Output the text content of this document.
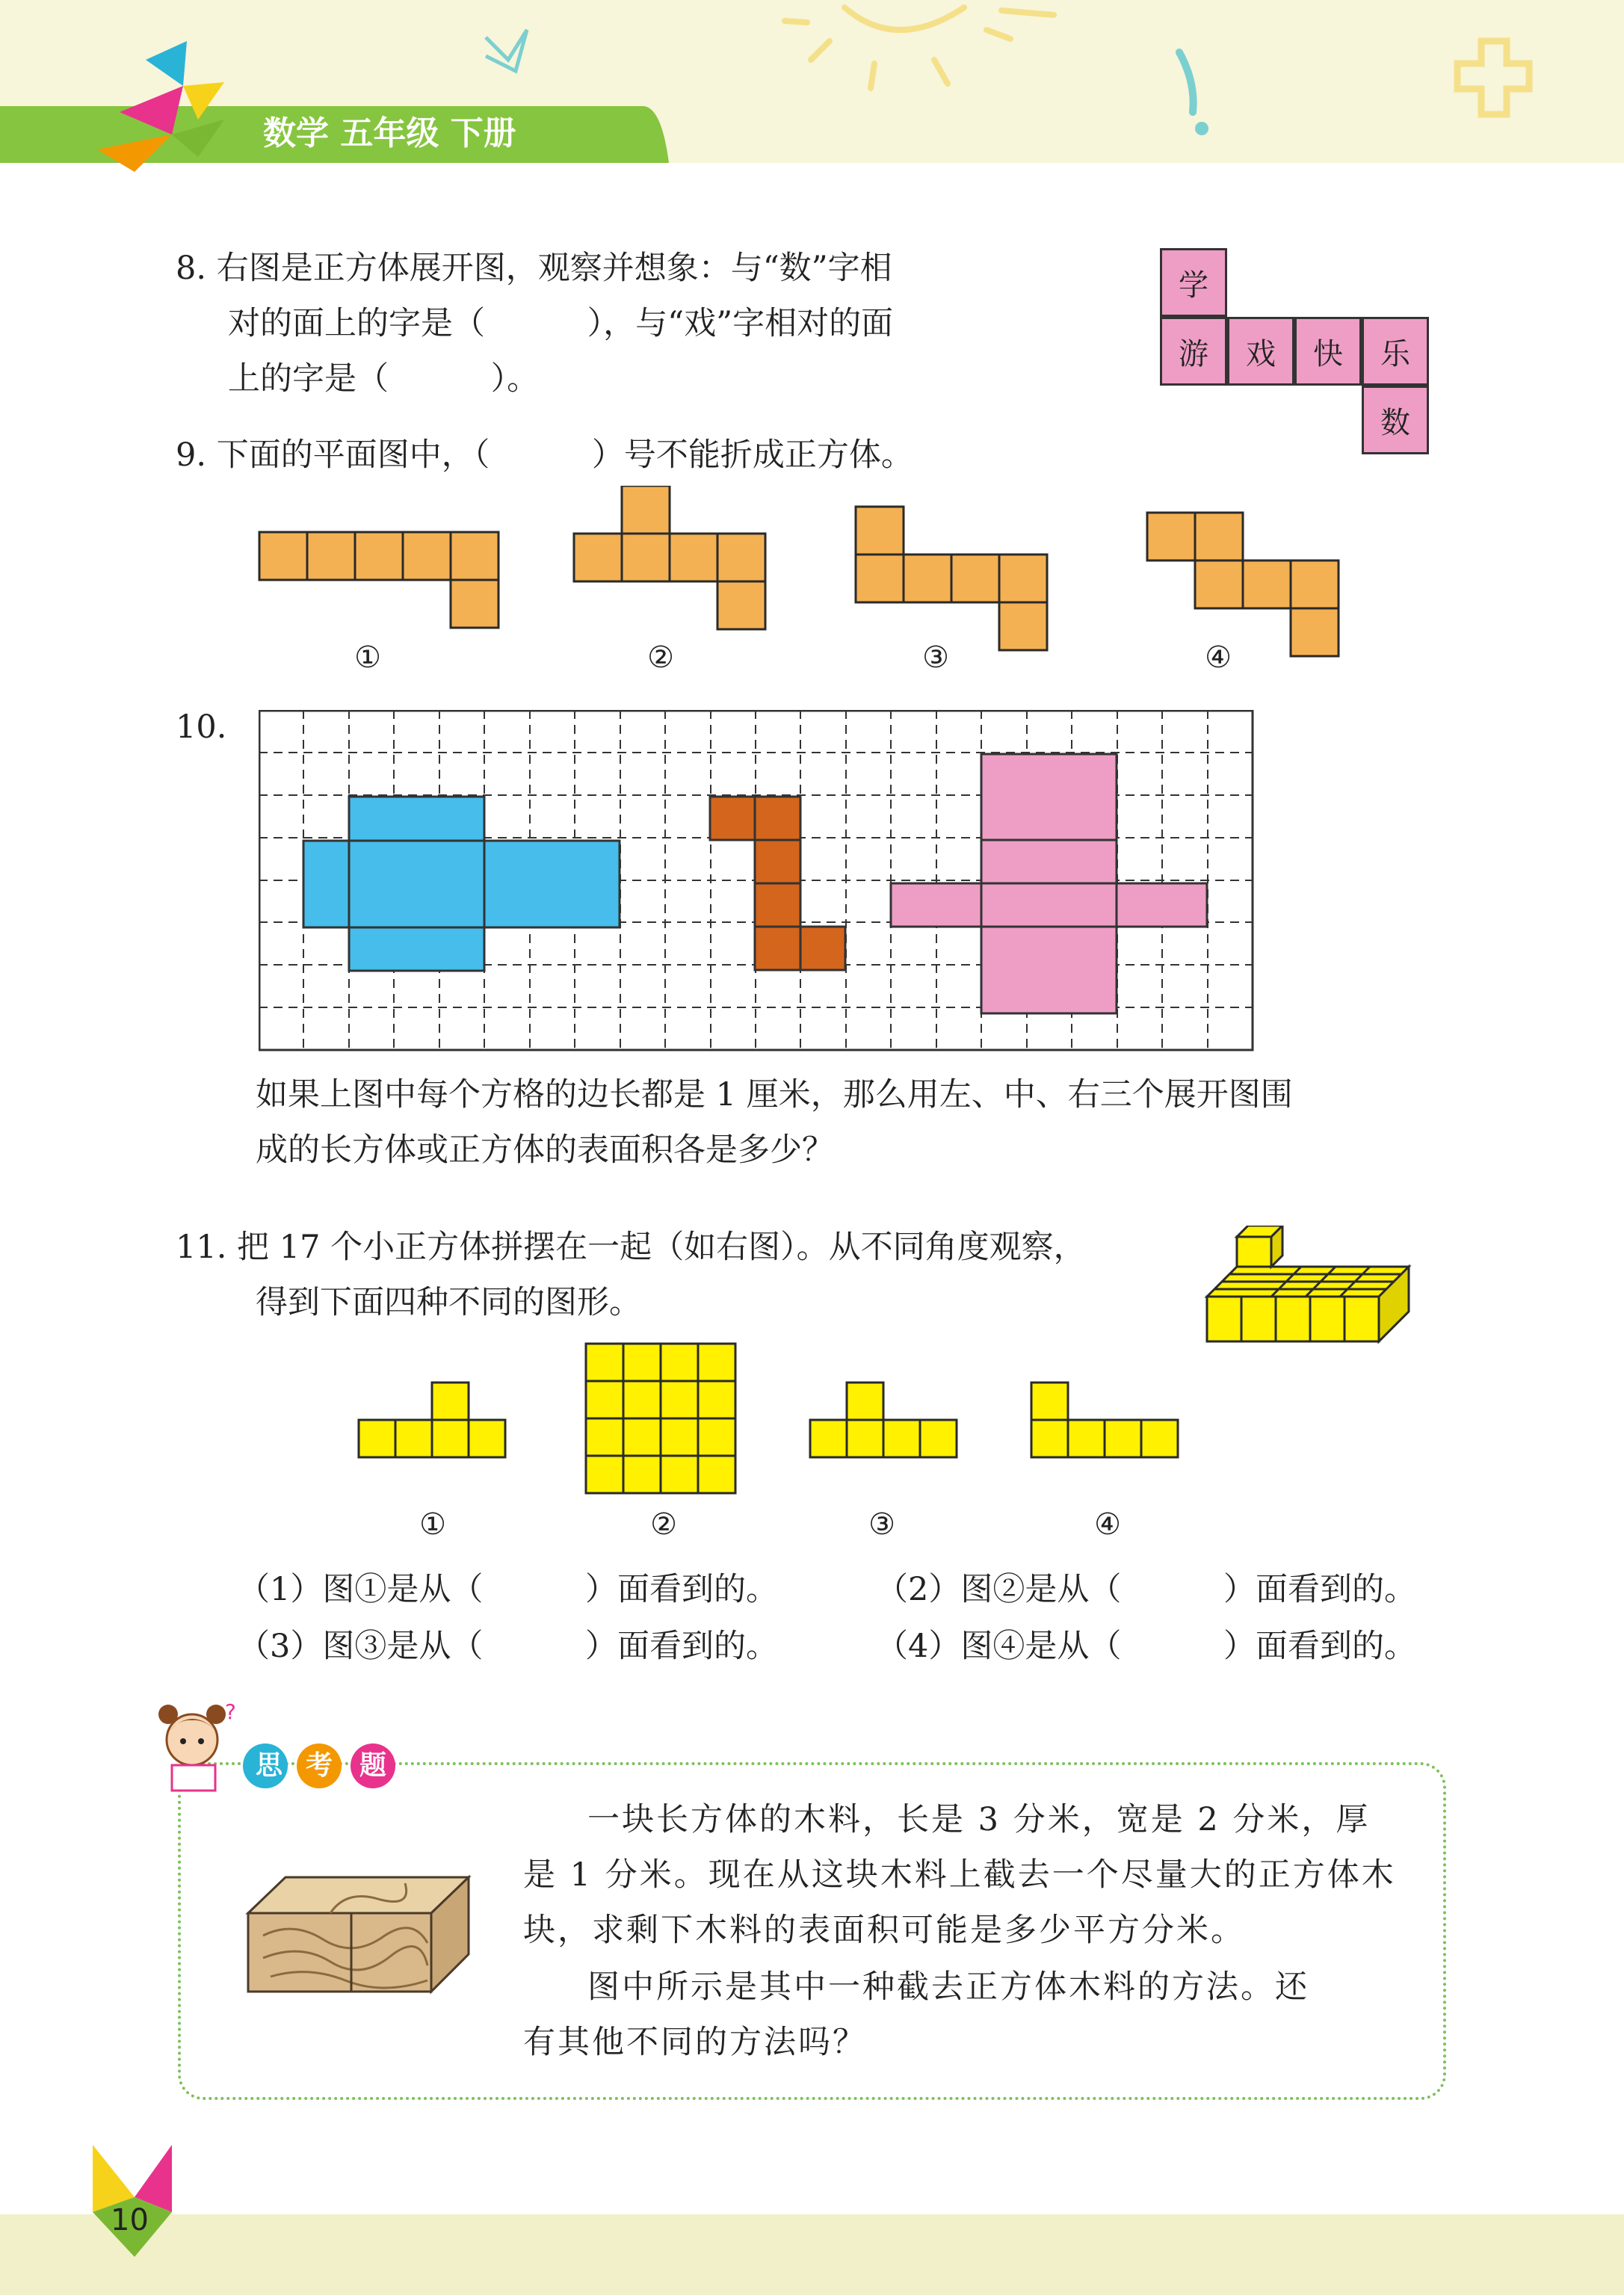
数学 五年级 下册
8. 右图是正方体展开图，观察并想象：与“数”字相
对的面上的字是（          ），与“戏”字相对的面
上的字是（          ）。
学
游	戏	快	乐
数
9. 下面的平面图中，（          ）号不能折成正方体。
①	②	③	④
10.
如果上图中每个方格的边长都是 1 厘米，那么用左、中、右三个展开图围
成的长方体或正方体的表面积各是多少？
11. 把 17 个小正方体拼摆在一起（如右图）。从不同角度观察，
得到下面四种不同的图形。
①	②	③	④
（1）图①是从（          ）面看到的。	（2）图②是从（          ）面看到的。
（3）图③是从（          ）面看到的。	（4）图④是从（          ）面看到的。
?
思 考 题
一块长方体的木料，长是 3 分米，宽是 2 分米，厚
是 1 分米。现在从这块木料上截去一个尽量大的正方体木
块，求剩下木料的表面积可能是多少平方分米。
图中所示是其中一种截去正方体木料的方法。还
有其他不同的方法吗？
10
